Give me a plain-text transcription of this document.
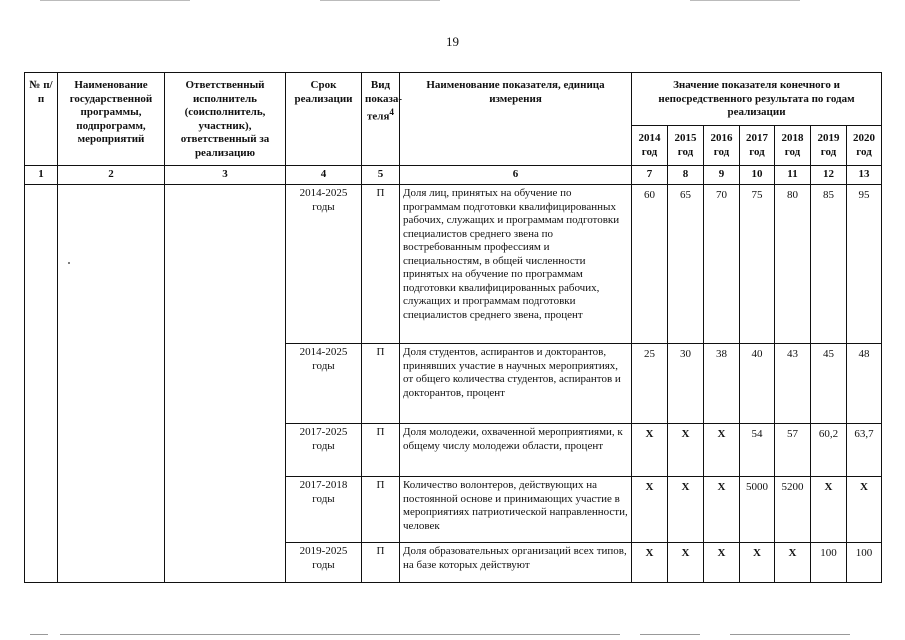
19
№ п/п	Наименование государственной программы, подпрограмм, мероприятий	Ответственный исполнитель (соисполнитель, участник), ответственный за реализацию	Срок реализации	Вид показа-теля$^4$	Наименование показателя, единица измерения	Значение показателя конечного и непосредственного результата по годам реализации						
						2014 год	2015 год	2016 год	2017 год	2018 год	2019 год	2020 год
1	2	3	4	5	6	7	8	9	10	11	12	13
			2014-2025 годы	П	Доля лиц, принятых на обучение по программам подготовки квалифицированных рабочих, служащих и программам подготовки специалистов среднего звена по востребованным профессиям и специальностям, в общей численности принятых на обучение по программам подготовки квалифицированных рабочих, служащих и программам подготовки специалистов среднего звена, процент	60	65	70	75	80	85	95
			2014-2025 годы	П	Доля студентов, аспирантов и докторантов, принявших участие в научных мероприятиях, от общего количества студентов, аспирантов и докторантов, процент	25	30	38	40	43	45	48
			2017-2025 годы	П	Доля молодежи, охваченной мероприятиями, к общему числу молодежи области, процент	Х	Х	Х	54	57	60,2	63,7
			2017-2018 годы	П	Количество волонтеров, действующих на постоянной основе и принимающих участие в мероприятиях патриотической направленности, человек	Х	Х	Х	5000	5200	Х	Х
			2019-2025 годы	П	Доля образовательных организаций всех типов, на базе которых действуют	Х	Х	Х	Х	Х	100	100
